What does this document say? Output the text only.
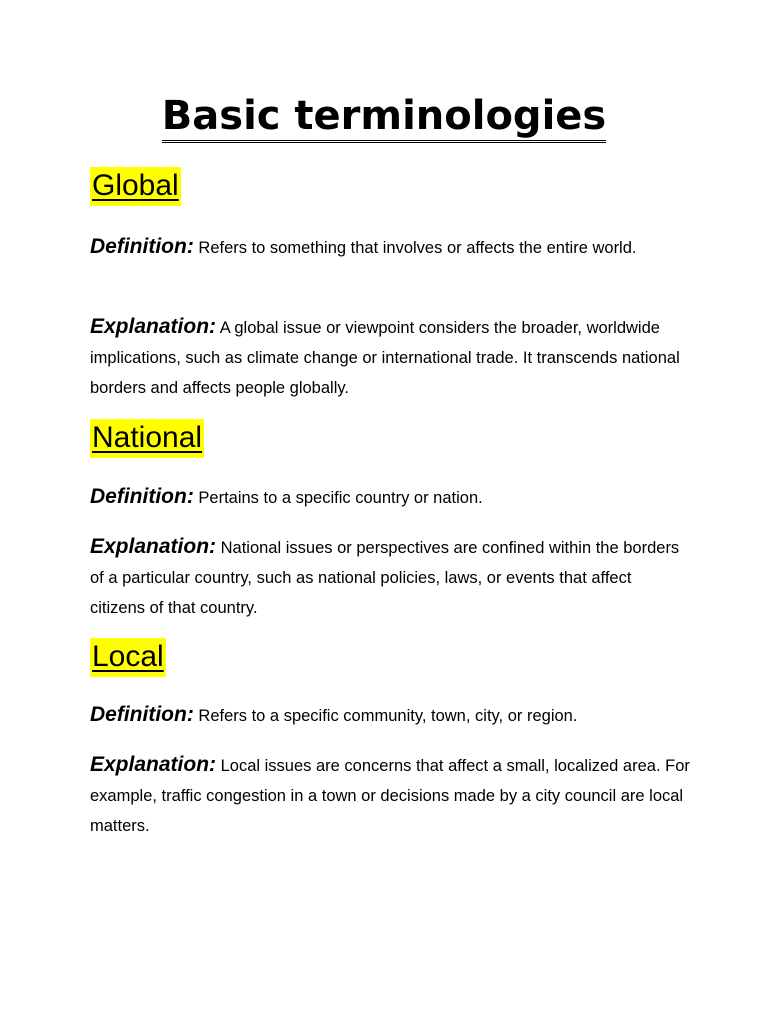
Basic terminologies
Global

Definition: Refers to something that involves or affects the entire world.

Explanation: A global issue or viewpoint considers the broader, worldwide implications, such as climate change or international trade. It transcends national borders and affects people globally.

National

Definition: Pertains to a specific country or nation.

Explanation: National issues or perspectives are confined within the borders of a particular country, such as national policies, laws, or events that affect citizens of that country.

Local

Definition: Refers to a specific community, town, city, or region.

Explanation: Local issues are concerns that affect a small, localized area. For example, traffic congestion in a town or decisions made by a city council are local matters.
